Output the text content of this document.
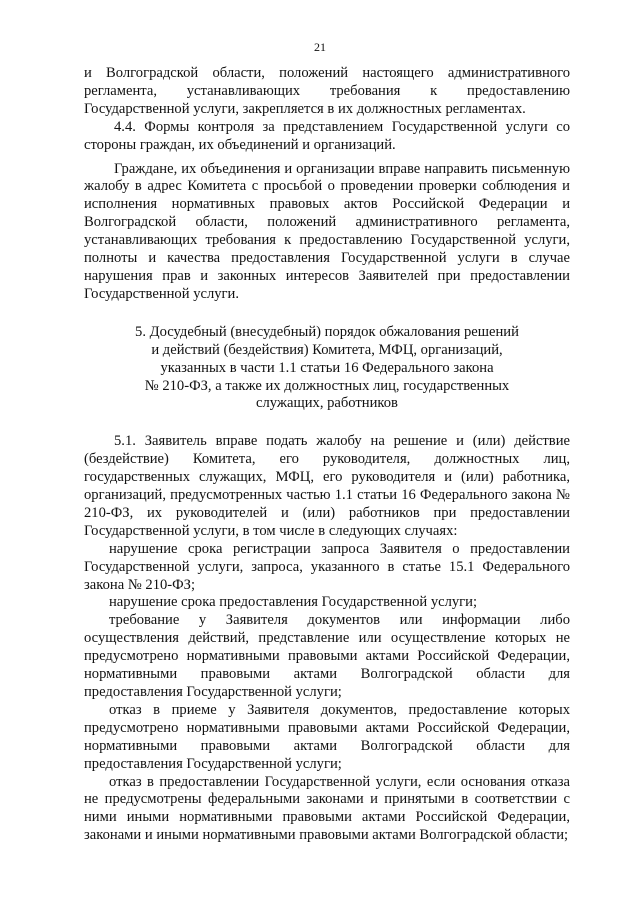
21

и Волгоградской области, положений настоящего административного регламента, устанавливающих требования к предоставлению Государственной услуги, закрепляется в их должностных регламентах.

4.4. Формы контроля за представлением Государственной услуги со стороны граждан, их объединений и организаций.

Граждане, их объединения и организации вправе направить письменную жалобу в адрес Комитета с просьбой о проведении проверки соблюдения и исполнения нормативных правовых актов Российской Федерации и Волгоградской области, положений административного регламента, устанавливающих требования к предоставлению Государственной услуги, полноты и качества предоставления Государственной услуги в случае нарушения прав и законных интересов Заявителей при предоставлении Государственной услуги.

5. Досудебный (внесудебный) порядок обжалования решений
и действий (бездействия) Комитета, МФЦ, организаций,
указанных в части 1.1 статьи 16 Федерального закона
№ 210-ФЗ, а также их должностных лиц, государственных
служащих, работников

5.1. Заявитель вправе подать жалобу на решение и (или) действие (бездействие) Комитета, его руководителя, должностных лиц, государственных служащих, МФЦ, его руководителя и (или) работника, организаций, предусмотренных частью 1.1 статьи 16 Федерального закона № 210-ФЗ, их руководителей и (или) работников при предоставлении Государственной услуги, в том числе в следующих случаях:

нарушение срока регистрации запроса Заявителя о предоставлении Государственной услуги, запроса, указанного в статье 15.1 Федерального закона № 210-ФЗ;

нарушение срока предоставления Государственной услуги;

требование у Заявителя документов или информации либо осуществления действий, представление или осуществление которых не предусмотрено нормативными правовыми актами Российской Федерации, нормативными правовыми актами Волгоградской области для предоставления Государственной услуги;

отказ в приеме у Заявителя документов, предоставление которых предусмотрено нормативными правовыми актами Российской Федерации, нормативными правовыми актами Волгоградской области для предоставления Государственной услуги;

отказ в предоставлении Государственной услуги, если основания отказа не предусмотрены федеральными законами и принятыми в соответствии с ними иными нормативными правовыми актами Российской Федерации, законами и иными нормативными правовыми актами Волгоградской области;
